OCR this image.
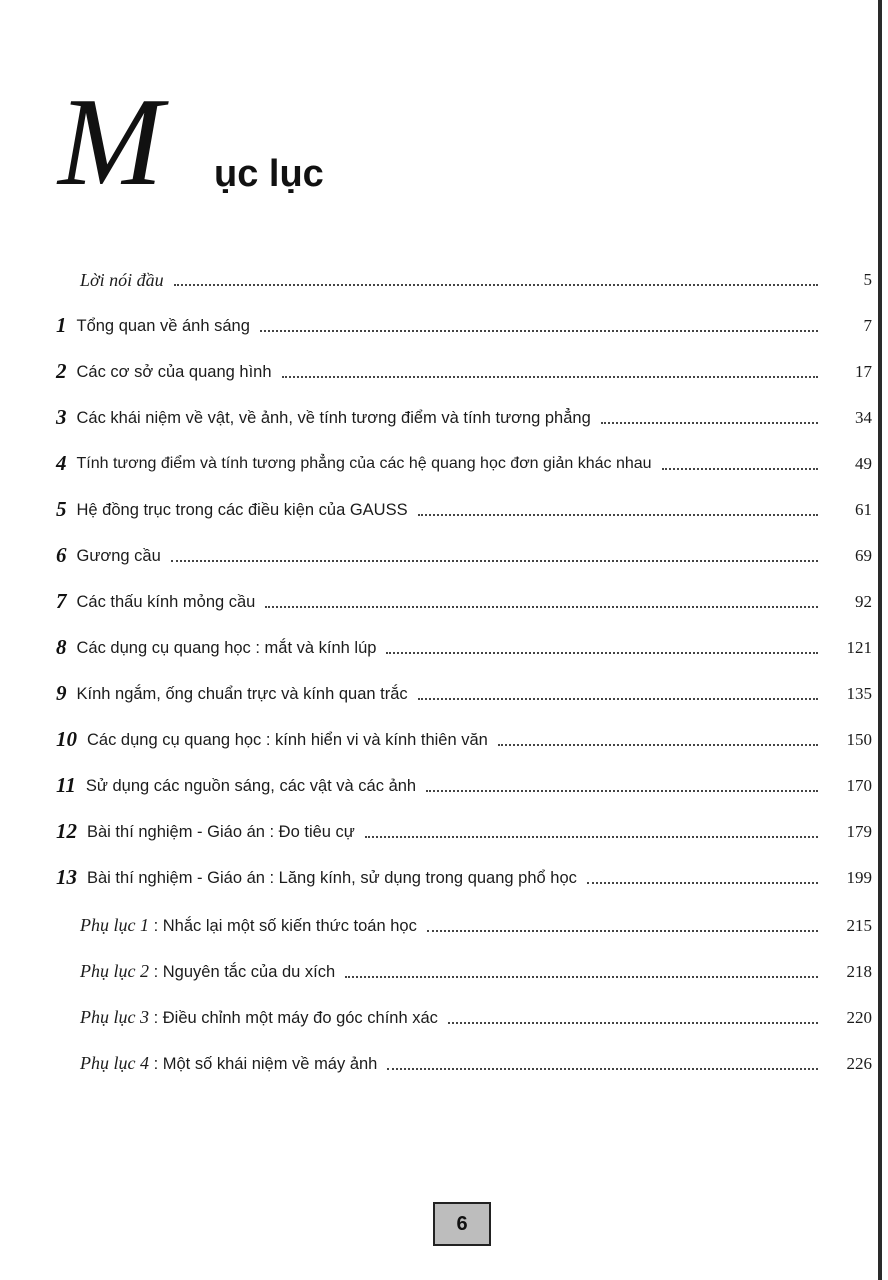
M ục lục
Lời nói đầu	5
1 Tổng quan về ánh sáng	7
2 Các cơ sở của quang hình	17
3 Các khái niệm về vật, về ảnh, về tính tương điểm và tính tương phẳng	34
4 Tính tương điểm và tính tương phẳng của các hệ quang học đơn giản khác nhau	49
5 Hệ đồng trục trong các điều kiện của GAUSS	61
6 Gương cầu	69
7 Các thấu kính mỏng cầu	92
8 Các dụng cụ quang học : mắt và kính lúp	121
9 Kính ngắm, ống chuẩn trực và kính quan trắc	135
10 Các dụng cụ quang học : kính hiển vi và kính thiên văn	150
11 Sử dụng các nguồn sáng, các vật và các ảnh	170
12 Bài thí nghiệm - Giáo án : Đo tiêu cự	179
13 Bài thí nghiệm - Giáo án : Lăng kính, sử dụng trong quang phổ học	199
Phụ lục 1 : Nhắc lại một số kiến thức toán học	215
Phụ lục 2 : Nguyên tắc của du xích	218
Phụ lục 3 : Điều chỉnh một máy đo góc chính xác	220
Phụ lục 4 : Một số khái niệm về máy ảnh	226
6
